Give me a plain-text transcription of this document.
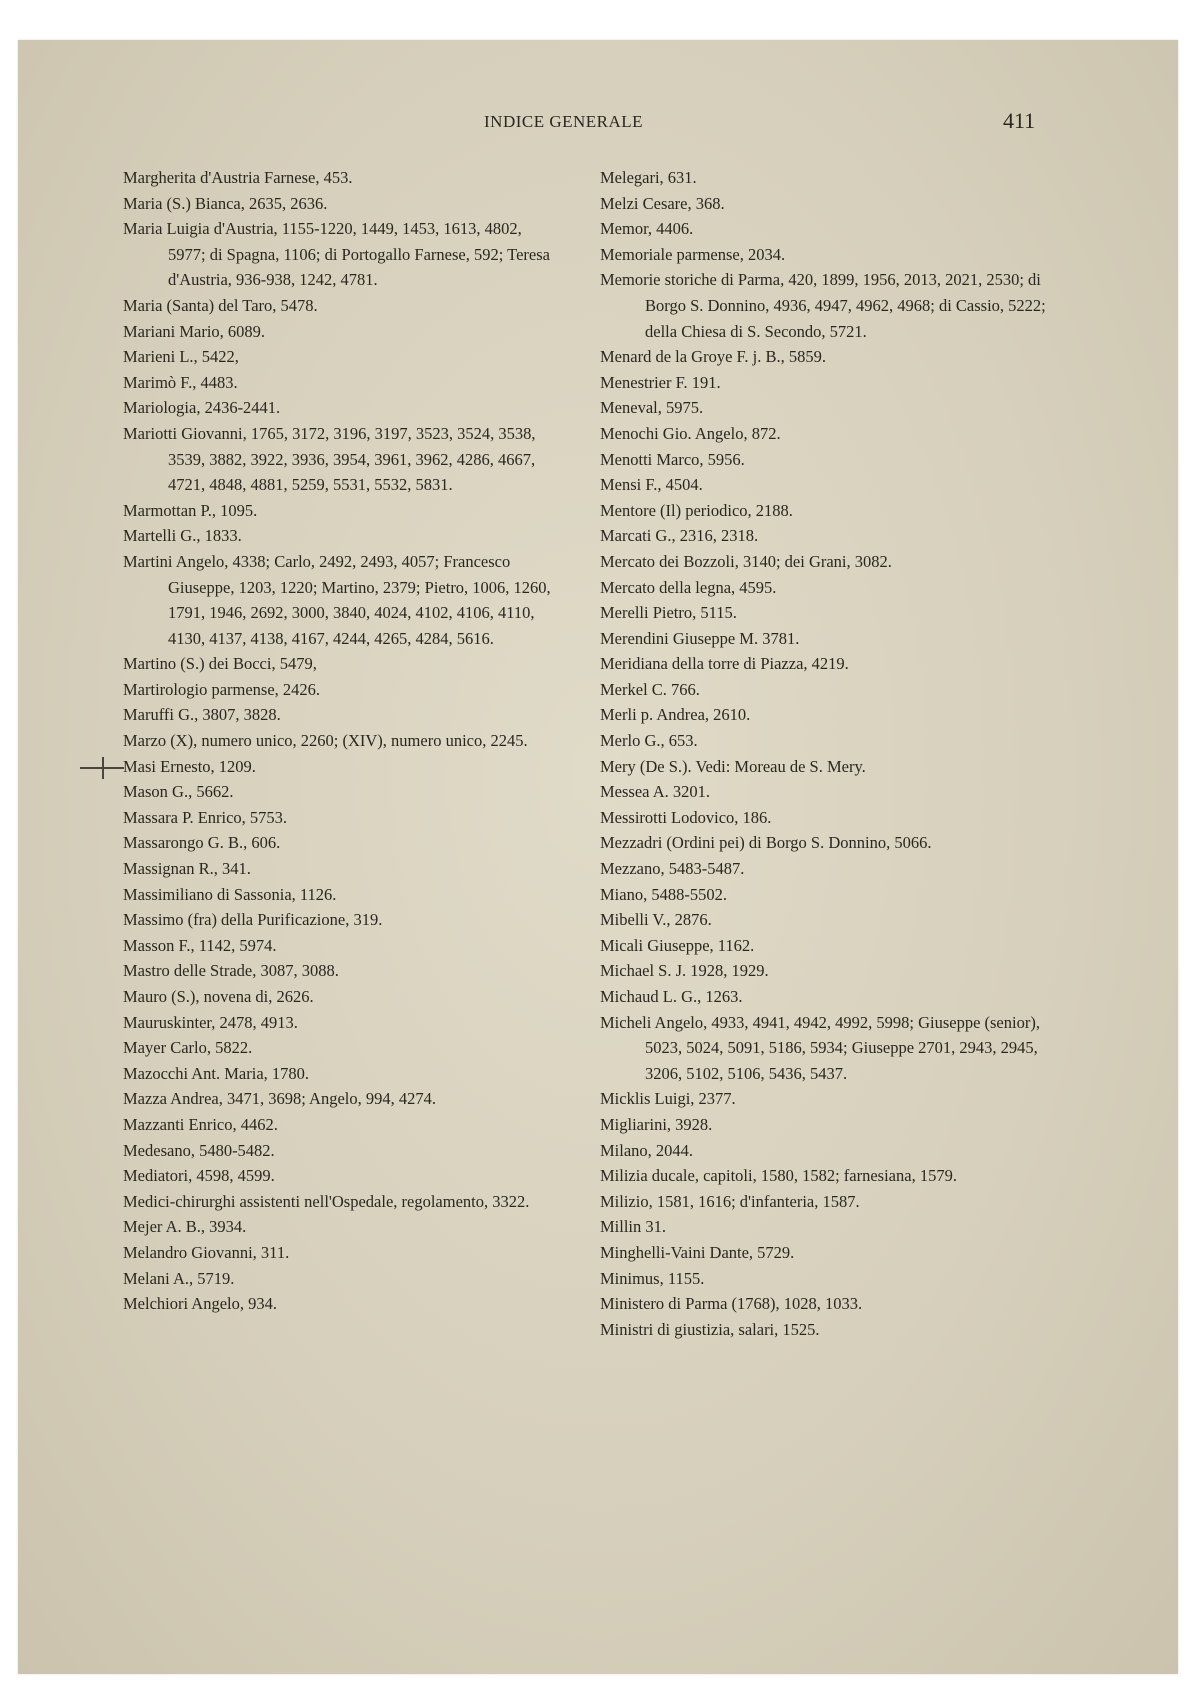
INDICE GENERALE	411

Margherita d'Austria Farnese, 453.

Maria (S.) Bianca, 2635, 2636.

Maria Luigia d'Austria, 1155-1220, 1449, 1453, 1613, 4802, 5977; di Spagna, 1106; di Portogallo Farnese, 592; Teresa d'Austria, 936-938, 1242, 4781.

Maria (Santa) del Taro, 5478.

Mariani Mario, 6089.

Marieni L., 5422,

Marimò F., 4483.

Mariologia, 2436-2441.

Mariotti Giovanni, 1765, 3172, 3196, 3197, 3523, 3524, 3538, 3539, 3882, 3922, 3936, 3954, 3961, 3962, 4286, 4667, 4721, 4848, 4881, 5259, 5531, 5532, 5831.

Marmottan P., 1095.

Martelli G., 1833.

Martini Angelo, 4338; Carlo, 2492, 2493, 4057; Francesco Giuseppe, 1203, 1220; Martino, 2379; Pietro, 1006, 1260, 1791, 1946, 2692, 3000, 3840, 4024, 4102, 4106, 4110, 4130, 4137, 4138, 4167, 4244, 4265, 4284, 5616.

Martino (S.) dei Bocci, 5479,

Martirologio parmense, 2426.

Maruffi G., 3807, 3828.

Marzo (X), numero unico, 2260; (XIV), numero unico, 2245.

Masi Ernesto, 1209.

Mason G., 5662.

Massara P. Enrico, 5753.

Massarongo G. B., 606.

Massignan R., 341.

Massimiliano di Sassonia, 1126.

Massimo (fra) della Purificazione, 319.

Masson F., 1142, 5974.

Mastro delle Strade, 3087, 3088.

Mauro (S.), novena di, 2626.

Mauruskinter, 2478, 4913.

Mayer Carlo, 5822.

Mazocchi Ant. Maria, 1780.

Mazza Andrea, 3471, 3698; Angelo, 994, 4274.

Mazzanti Enrico, 4462.

Medesano, 5480-5482.

Mediatori, 4598, 4599.

Medici-chirurghi assistenti nell'Ospedale, regolamento, 3322.

Mejer A. B., 3934.

Melandro Giovanni, 311.

Melani A., 5719.

Melchiori Angelo, 934.

Melegari, 631.

Melzi Cesare, 368.

Memor, 4406.

Memoriale parmense, 2034.

Memorie storiche di Parma, 420, 1899, 1956, 2013, 2021, 2530; di Borgo S. Donnino, 4936, 4947, 4962, 4968; di Cassio, 5222; della Chiesa di S. Secondo, 5721.

Menard de la Groye F. j. B., 5859.

Menestrier F. 191.

Meneval, 5975.

Menochi Gio. Angelo, 872.

Menotti Marco, 5956.

Mensi F., 4504.

Mentore (Il) periodico, 2188.

Marcati G., 2316, 2318.

Mercato dei Bozzoli, 3140; dei Grani, 3082.

Mercato della legna, 4595.

Merelli Pietro, 5115.

Merendini Giuseppe M. 3781.

Meridiana della torre di Piazza, 4219.

Merkel C. 766.

Merli p. Andrea, 2610.

Merlo G., 653.

Mery (De S.). Vedi: Moreau de S. Mery.

Messea A. 3201.

Messirotti Lodovico, 186.

Mezzadri (Ordini pei) di Borgo S. Donnino, 5066.

Mezzano, 5483-5487.

Miano, 5488-5502.

Mibelli V., 2876.

Micali Giuseppe, 1162.

Michael S. J. 1928, 1929.

Michaud L. G., 1263.

Micheli Angelo, 4933, 4941, 4942, 4992, 5998; Giuseppe (senior), 5023, 5024, 5091, 5186, 5934; Giuseppe 2701, 2943, 2945, 3206, 5102, 5106, 5436, 5437.

Micklis Luigi, 2377.

Migliarini, 3928.

Milano, 2044.

Milizia ducale, capitoli, 1580, 1582; farnesiana, 1579.

Milizio, 1581, 1616; d'infanteria, 1587.

Millin 31.

Minghelli-Vaini Dante, 5729.

Minimus, 1155.

Ministero di Parma (1768), 1028, 1033.

Ministri di giustizia, salari, 1525.
